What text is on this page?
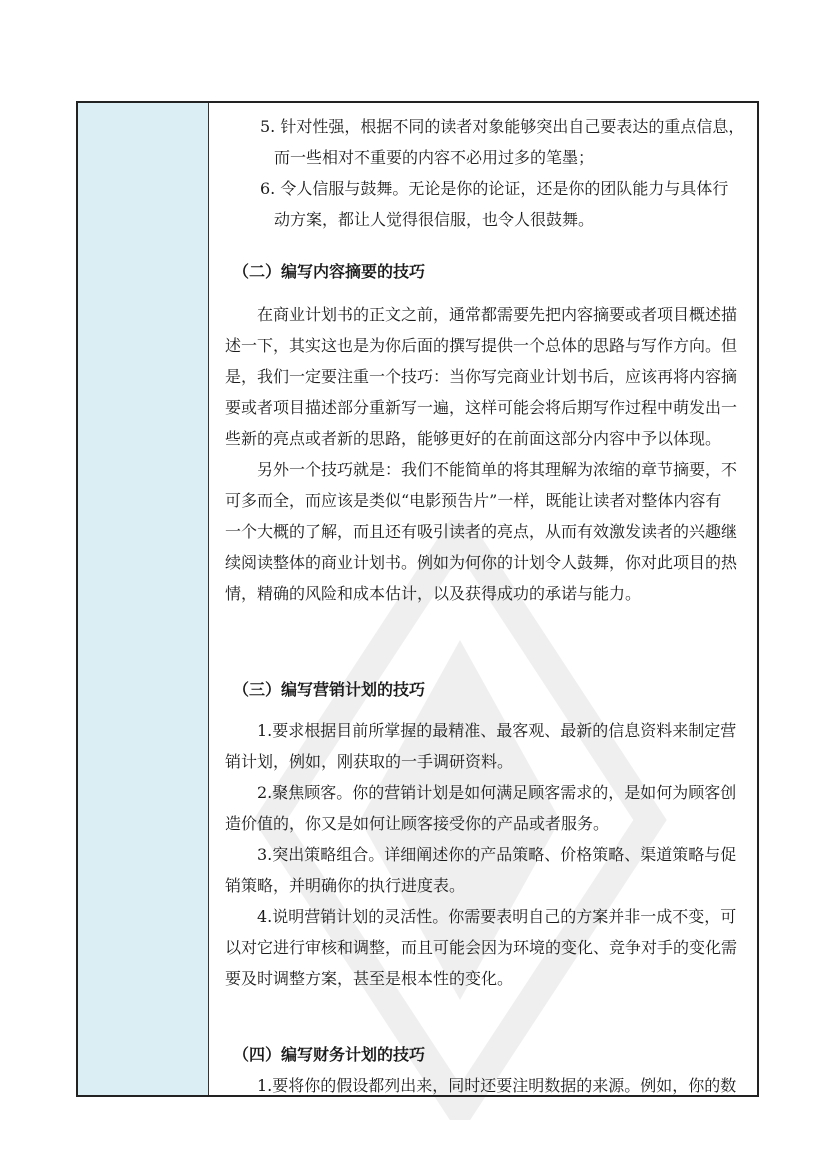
5. 针对性强，根据不同的读者对象能够突出自己要表达的重点信息，
而一些相对不重要的内容不必用过多的笔墨；
6. 令人信服与鼓舞。无论是你的论证，还是你的团队能力与具体行
动方案，都让人觉得很信服，也令人很鼓舞。
（二）编写内容摘要的技巧
在商业计划书的正文之前，通常都需要先把内容摘要或者项目概述描
述一下，其实这也是为你后面的撰写提供一个总体的思路与写作方向。但
是，我们一定要注重一个技巧：当你写完商业计划书后，应该再将内容摘
要或者项目描述部分重新写一遍，这样可能会将后期写作过程中萌发出一
些新的亮点或者新的思路，能够更好的在前面这部分内容中予以体现。
另外一个技巧就是：我们不能简单的将其理解为浓缩的章节摘要，不
可多而全，而应该是类似“电影预告片”一样，既能让读者对整体内容有
一个大概的了解，而且还有吸引读者的亮点，从而有效激发读者的兴趣继
续阅读整体的商业计划书。例如为何你的计划令人鼓舞，你对此项目的热
情，精确的风险和成本估计，以及获得成功的承诺与能力。
（三）编写营销计划的技巧
1.要求根据目前所掌握的最精准、最客观、最新的信息资料来制定营
销计划，例如，刚获取的一手调研资料。
2.聚焦顾客。你的营销计划是如何满足顾客需求的，是如何为顾客创
造价值的，你又是如何让顾客接受你的产品或者服务。
3.突出策略组合。详细阐述你的产品策略、价格策略、渠道策略与促
销策略，并明确你的执行进度表。
4.说明营销计划的灵活性。你需要表明自己的方案并非一成不变，可
以对它进行审核和调整，而且可能会因为环境的变化、竞争对手的变化需
要及时调整方案，甚至是根本性的变化。
（四）编写财务计划的技巧
1.要将你的假设都列出来，同时还要注明数据的来源。例如，你的数
